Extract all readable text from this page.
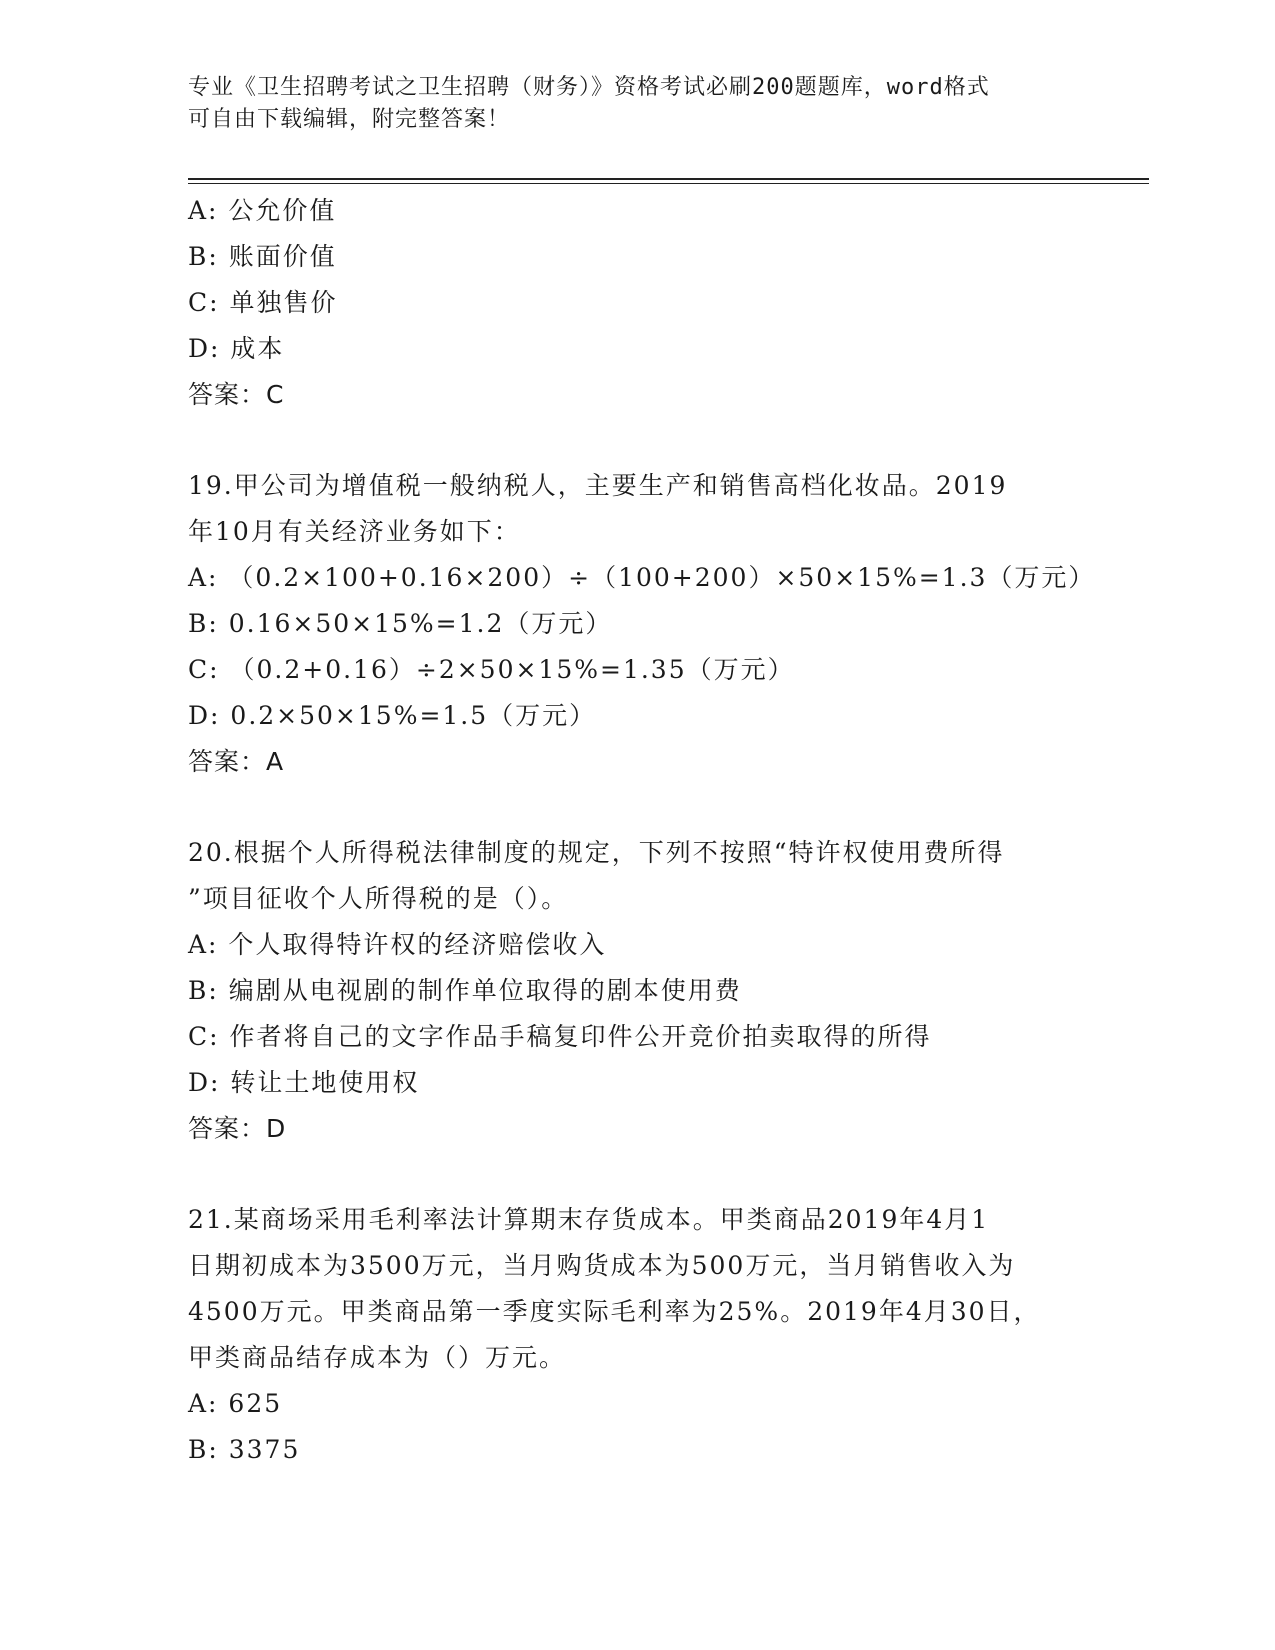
专业《卫生招聘考试之卫生招聘（财务）》资格考试必刷200题题库，word格式
可自由下载编辑，附完整答案！
A: 公允价值
B: 账面价值
C: 单独售价
D: 成本
答案：C
19.甲公司为增值税一般纳税人，主要生产和销售高档化妆品。2019
年10月有关经济业务如下：
A: （0.2×100+0.16×200）÷（100+200）×50×15%=1.3（万元）
B: 0.16×50×15%=1.2（万元）
C: （0.2+0.16）÷2×50×15%=1.35（万元）
D: 0.2×50×15%=1.5（万元）
答案：A
20.根据个人所得税法律制度的规定，下列不按照“特许权使用费所得
”项目征收个人所得税的是（）。
A: 个人取得特许权的经济赔偿收入
B: 编剧从电视剧的制作单位取得的剧本使用费
C: 作者将自己的文字作品手稿复印件公开竞价拍卖取得的所得
D: 转让土地使用权
答案：D
21.某商场采用毛利率法计算期末存货成本。甲类商品2019年4月1
日期初成本为3500万元，当月购货成本为500万元，当月销售收入为
4500万元。甲类商品第一季度实际毛利率为25%。2019年4月30日，
甲类商品结存成本为（）万元。
A: 625
B: 3375
